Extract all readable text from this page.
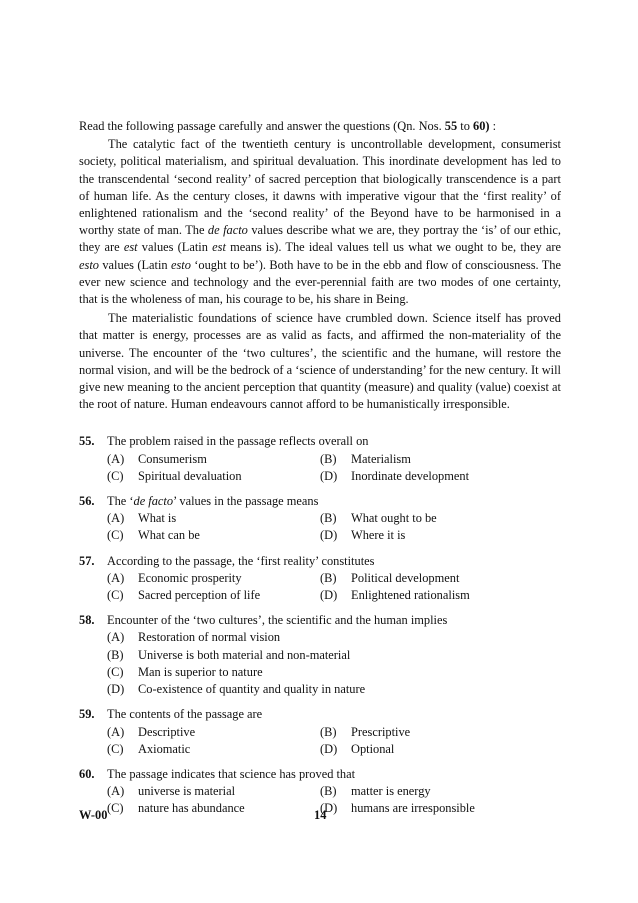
Read the following passage carefully and answer the questions (Qn. Nos. 55 to 60) :

The catalytic fact of the twentieth century is uncontrollable development, consumerist society, political materialism, and spiritual devaluation. This inordinate development has led to the transcendental ‘second reality’ of sacred perception that biologically transcendence is a part of human life. As the century closes, it dawns with imperative vigour that the ‘first reality’ of enlightened rationalism and the ‘second reality’ of the Beyond have to be harmonised in a worthy state of man. The de facto values describe what we are, they portray the ‘is’ of our ethic, they are est values (Latin est means is). The ideal values tell us what we ought to be, they are esto values (Latin esto ‘ought to be’). Both have to be in the ebb and flow of consciousness. The ever new science and technology and the ever-perennial faith are two modes of one certainty, that is the wholeness of man, his courage to be, his share in Being.

The materialistic foundations of science have crumbled down. Science itself has proved that matter is energy, processes are as valid as facts, and affirmed the non-materiality of the universe. The encounter of the ‘two cultures’, the scientific and the humane, will restore the normal vision, and will be the bedrock of a ‘science of understanding’ for the new century. It will give new meaning to the ancient perception that quantity (measure) and quality (value) coexist at the root of nature. Human endeavours cannot afford to be humanistically irresponsible.

55.	The problem raised in the passage reflects overall on
(A)	Consumerism	(B)	Materialism
(C)	Spiritual devaluation	(D)	Inordinate development
56.	The ‘de facto’ values in the passage means
(A)	What is	(B)	What ought to be
(C)	What can be	(D)	Where it is
57.	According to the passage, the ‘first reality’ constitutes
(A)	Economic prosperity	(B)	Political development
(C)	Sacred perception of life	(D)	Enlightened rationalism
58.	Encounter of the ‘two cultures’, the scientific and the human implies
(A)	Restoration of normal vision
(B)	Universe is both material and non-material
(C)	Man is superior to nature
(D)	Co-existence of quantity and quality in nature
59.	The contents of the passage are
(A)	Descriptive	(B)	Prescriptive
(C)	Axiomatic	(D)	Optional
60.	The passage indicates that science has proved that
(A)	universe is material	(B)	matter is energy
(C)	nature has abundance	(D)	humans are irresponsible
W-00	14
